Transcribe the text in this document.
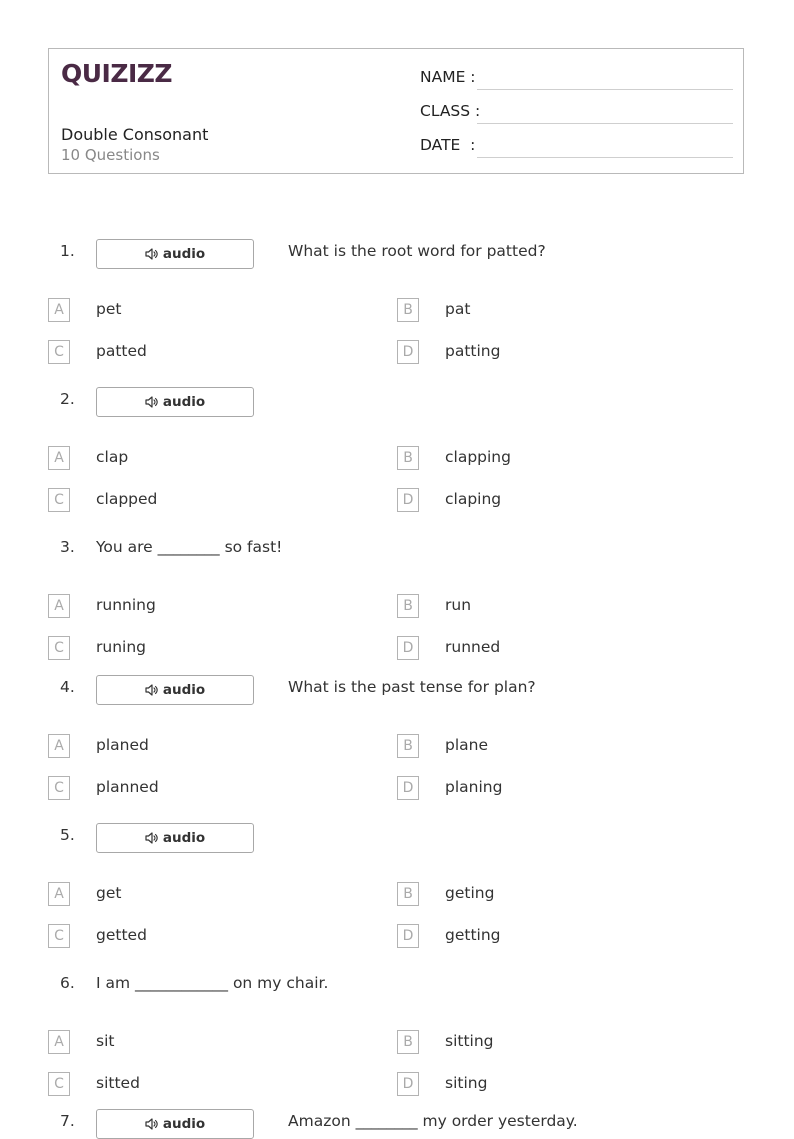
QUIZIZZ
Double Consonant
10 Questions
NAME :
CLASS :
DATE  :
1.	audio	What is the root word for patted?
A	pet	B	pat
C	patted	D	patting
2.	audio
A	clap	B	clapping
C	clapped	D	claping
3. You are ________ so fast!
A	running	B	run
C	runing	D	runned
4.	audio	What is the past tense for plan?
A	planed	B	plane
C	planned	D	planing
5.	audio
A	get	B	geting
C	getted	D	getting
6. I am ____________ on my chair.
A	sit	B	sitting
C	sitted	D	siting
7.	audio	Amazon ________ my order yesterday.
